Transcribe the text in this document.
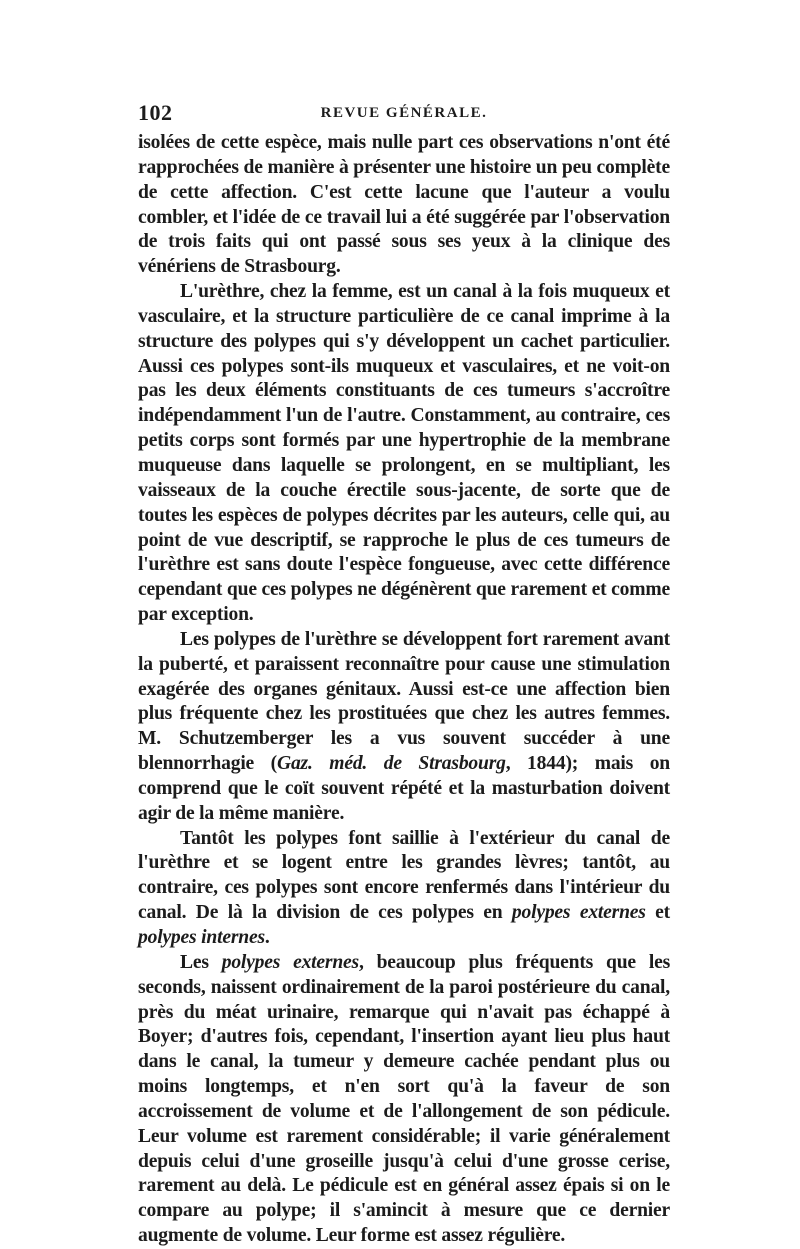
102	REVUE GÉNÉRALE.

isolées de cette espèce, mais nulle part ces observations n'ont été rapprochées de manière à présenter une histoire un peu complète de cette affection. C'est cette lacune que l'auteur a voulu combler, et l'idée de ce travail lui a été suggérée par l'observation de trois faits qui ont passé sous ses yeux à la clinique des vénériens de Strasbourg.

L'urèthre, chez la femme, est un canal à la fois muqueux et vasculaire, et la structure particulière de ce canal imprime à la structure des polypes qui s'y développent un cachet particulier. Aussi ces polypes sont-ils muqueux et vasculaires, et ne voit-on pas les deux éléments constituants de ces tumeurs s'accroître indépendamment l'un de l'autre. Constamment, au contraire, ces petits corps sont formés par une hypertrophie de la membrane muqueuse dans laquelle se prolongent, en se multipliant, les vaisseaux de la couche érectile sous-jacente, de sorte que de toutes les espèces de polypes décrites par les auteurs, celle qui, au point de vue descriptif, se rapproche le plus de ces tumeurs de l'urèthre est sans doute l'espèce fongueuse, avec cette différence cependant que ces polypes ne dégénèrent que rarement et comme par exception.

Les polypes de l'urèthre se développent fort rarement avant la puberté, et paraissent reconnaître pour cause une stimulation exagérée des organes génitaux. Aussi est-ce une affection bien plus fréquente chez les prostituées que chez les autres femmes. M. Schutzemberger les a vus souvent succéder à une blennorrhagie (Gaz. méd. de Strasbourg, 1844); mais on comprend que le coït souvent répété et la masturbation doivent agir de la même manière.

Tantôt les polypes font saillie à l'extérieur du canal de l'urèthre et se logent entre les grandes lèvres; tantôt, au contraire, ces polypes sont encore renfermés dans l'intérieur du canal. De là la division de ces polypes en polypes externes et polypes internes.

Les polypes externes, beaucoup plus fréquents que les seconds, naissent ordinairement de la paroi postérieure du canal, près du méat urinaire, remarque qui n'avait pas échappé à Boyer; d'autres fois, cependant, l'insertion ayant lieu plus haut dans le canal, la tumeur y demeure cachée pendant plus ou moins longtemps, et n'en sort qu'à la faveur de son accroissement de volume et de l'allongement de son pédicule. Leur volume est rarement considérable; il varie généralement depuis celui d'une groseille jusqu'à celui d'une grosse cerise, rarement au delà. Le pédicule est en général assez épais si on le compare au polype; il s'amincit à mesure que ce dernier augmente de volume. Leur forme est assez régulière.
